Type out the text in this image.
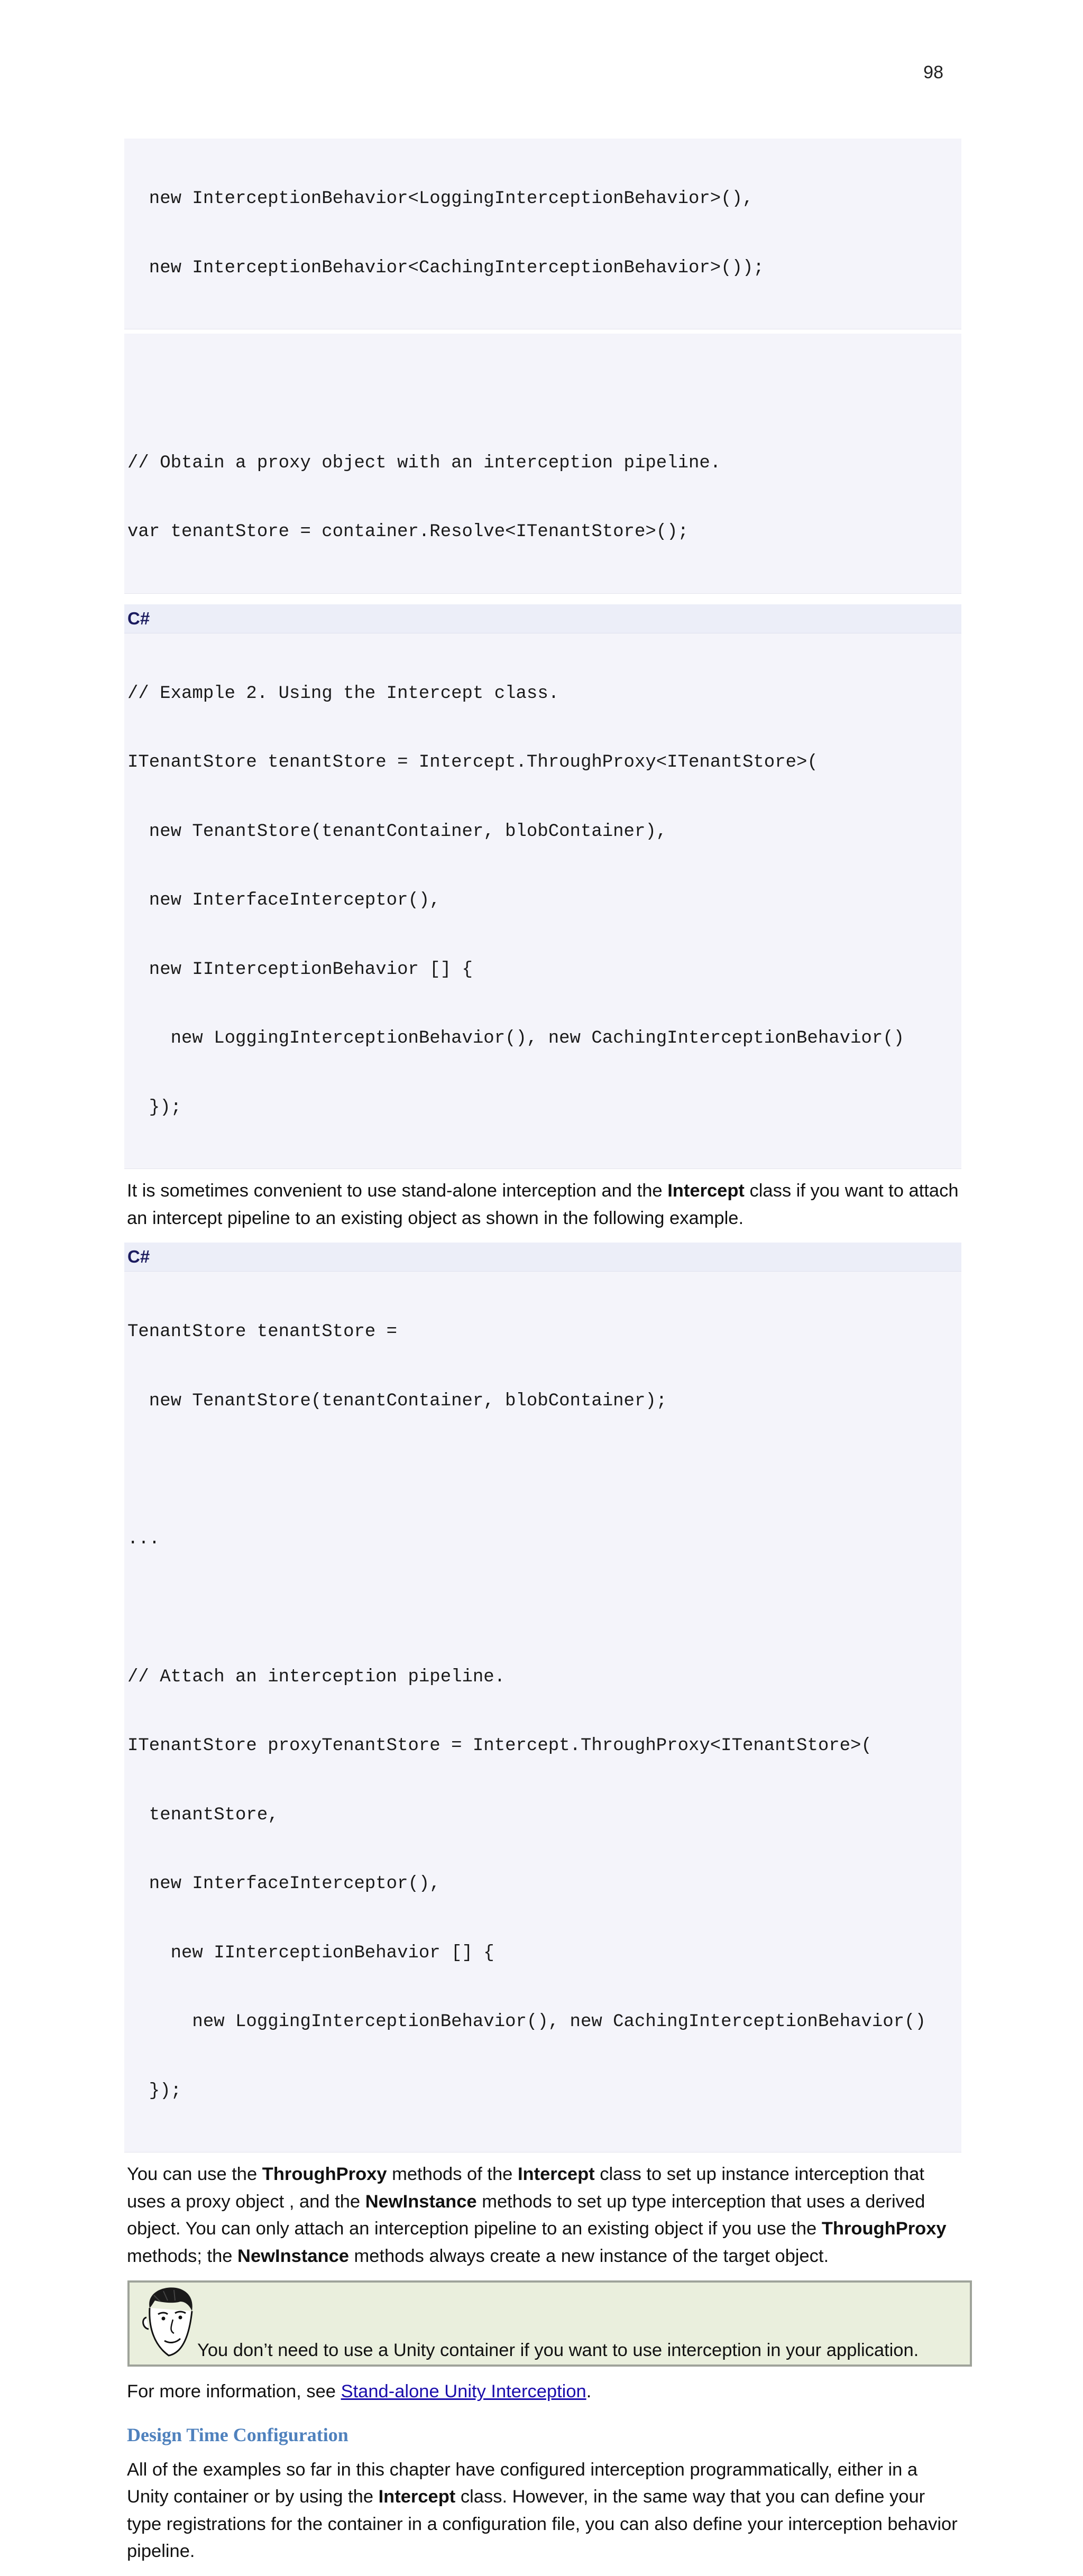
98

new InterceptionBehavior<LoggingInterceptionBehavior>(),

new InterceptionBehavior<CachingInterceptionBehavior>());

// Obtain a proxy object with an interception pipeline.

var tenantStore = container.Resolve<ITenantStore>();

C#

// Example 2. Using the Intercept class.

ITenantStore tenantStore = Intercept.ThroughProxy<ITenantStore>(

new TenantStore(tenantContainer, blobContainer),

new InterfaceInterceptor(),

new IInterceptionBehavior [] {

new LoggingInterceptionBehavior(), new CachingInterceptionBehavior()

});

It is sometimes convenient to use stand-alone interception and the Intercept class if you want to attach an intercept pipeline to an existing object as shown in the following example.

C#

TenantStore tenantStore =

new TenantStore(tenantContainer, blobContainer);

...

// Attach an interception pipeline.

ITenantStore proxyTenantStore = Intercept.ThroughProxy<ITenantStore>(

tenantStore,

new InterfaceInterceptor(),

new IInterceptionBehavior [] {

new LoggingInterceptionBehavior(), new CachingInterceptionBehavior()

});

You can use the ThroughProxy methods of the Intercept class to set up instance interception that uses a proxy object , and the NewInstance methods to set up type interception that uses a derived object. You can only attach an interception pipeline to an existing object if you use the ThroughProxy methods; the NewInstance methods always create a new instance of the target object.

You don’t need to use a Unity container if you want to use interception in your application.

For more information, see Stand-alone Unity Interception.

Design Time Configuration

All of the examples so far in this chapter have configured interception programmatically, either in a Unity container or by using the Intercept class. However, in the same way that you can define your type registrations for the container in a configuration file, you can also define your interception behavior pipeline.
